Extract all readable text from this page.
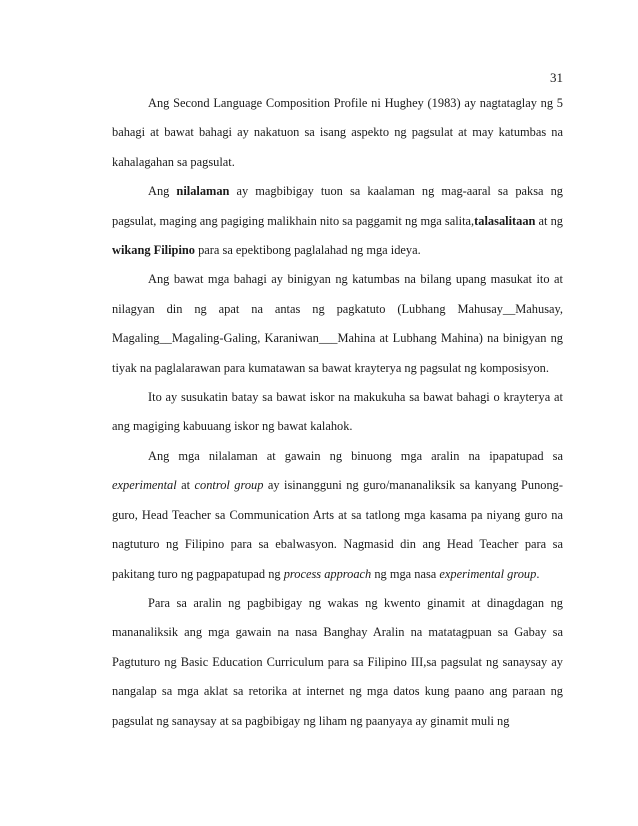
31

Ang Second Language Composition Profile ni Hughey (1983) ay nagtataglay ng 5 bahagi at bawat bahagi ay nakatuon sa isang aspekto ng pagsulat at may katumbas na kahalagahan sa pagsulat.

Ang nilalaman ay magbibigay tuon sa kaalaman ng mag-aaral sa paksa ng pagsulat, maging ang pagiging malikhain nito sa paggamit ng mga salita,talasalitaan at ng wikang Filipino para sa epektibong paglalahad ng mga ideya.

Ang bawat mga bahagi ay binigyan ng katumbas na bilang upang masukat ito at nilagyan din ng apat na antas ng pagkatuto (Lubhang Mahusay__Mahusay, Magaling__Magaling-Galing, Karaniwan___Mahina at Lubhang Mahina) na binigyan ng tiyak na paglalarawan para kumatawan sa bawat krayterya ng pagsulat ng komposisyon.

Ito ay susukatin batay sa bawat iskor na makukuha sa bawat bahagi o krayterya at ang magiging kabuuang iskor ng bawat kalahok.

Ang mga nilalaman at gawain ng binuong mga aralin na ipapatupad sa experimental at control group ay isinangguni ng guro/mananaliksik sa kanyang Punong-guro, Head Teacher sa Communication Arts at sa tatlong mga kasama pa niyang guro na nagtuturo ng Filipino para sa ebalwasyon. Nagmasid din ang Head Teacher para sa pakitang turo ng pagpapatupad ng process approach ng mga nasa experimental group.

Para sa aralin ng pagbibigay ng wakas ng kwento ginamit at dinagdagan ng mananaliksik ang mga gawain na nasa Banghay Aralin na matatagpuan sa Gabay sa Pagtuturo ng Basic Education Curriculum para sa Filipino III,sa pagsulat ng sanaysay ay nangalap sa mga aklat sa retorika at internet ng mga datos kung paano ang paraan ng pagsulat ng sanaysay at sa pagbibigay ng liham ng paanyaya ay ginamit muli ng
